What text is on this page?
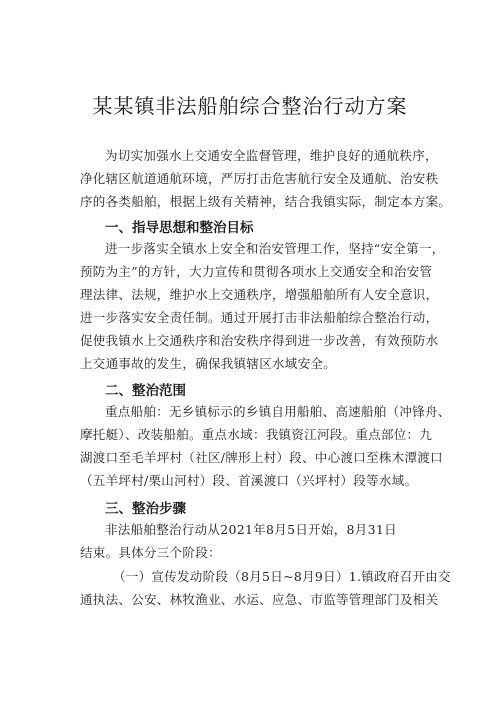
某某镇非法船舶综合整治行动方案
为切实加强水上交通安全监督管理，维护良好的通航秩序，
净化辖区航道通航环境，严厉打击危害航行安全及通航、治安秩
序的各类船舶，根据上级有关精神，结合我镇实际，制定本方案。
一、指导思想和整治目标
进一步落实全镇水上安全和治安管理工作，坚持“安全第一，
预防为主”的方针，大力宣传和贯彻各项水上交通安全和治安管
理法律、法规，维护水上交通秩序，增强船舶所有人安全意识，
进一步落实安全责任制。通过开展打击非法船舶综合整治行动，
促使我镇水上交通秩序和治安秩序得到进一步改善，有效预防水
上交通事故的发生，确保我镇辖区水域安全。
二、整治范围
重点船舶：无乡镇标示的乡镇自用船舶、高速船舶（冲锋舟、
摩托艇）、改装船舶。重点水域：我镇资江河段。重点部位：九
湖渡口至毛羊坪村（社区/牌形上村）段、中心渡口至株木潭渡口
（五羊坪村/栗山河村）段、首溪渡口（兴坪村）段等水域。
三、整治步骤
非法船舶整治行动从2021年8月5日开始，8月31日
结束。具体分三个阶段：
（一）宣传发动阶段（8月5日~8月9日）1.镇政府召开由交
通执法、公安、林牧渔业、水运、应急、市监等管理部门及相关
